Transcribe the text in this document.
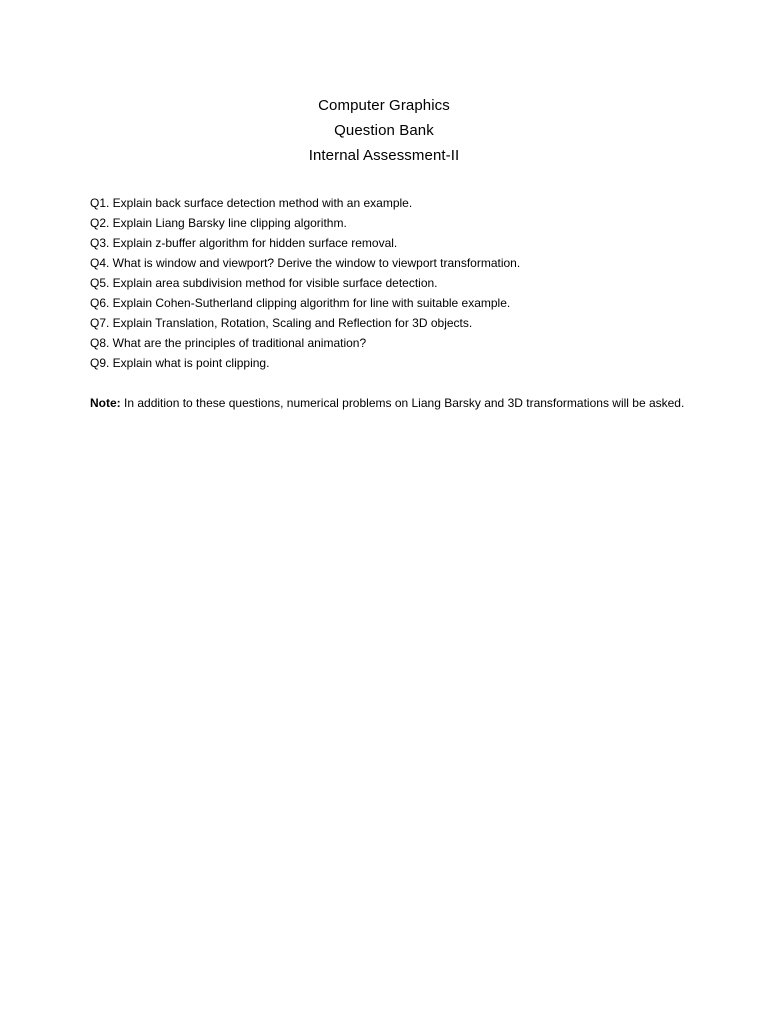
Computer Graphics
Question Bank
Internal Assessment-II
Q1. Explain back surface detection method with an example.
Q2. Explain Liang Barsky line clipping algorithm.
Q3. Explain z-buffer algorithm for hidden surface removal.
Q4. What is window and viewport? Derive the window to viewport transformation.
Q5. Explain area subdivision method for visible surface detection.
Q6. Explain Cohen-Sutherland clipping algorithm for line with suitable example.
Q7. Explain Translation, Rotation, Scaling and Reflection for 3D objects.
Q8. What are the principles of traditional animation?
Q9. Explain what is point clipping.
Note: In addition to these questions, numerical problems on Liang Barsky and 3D transformations will be asked.
